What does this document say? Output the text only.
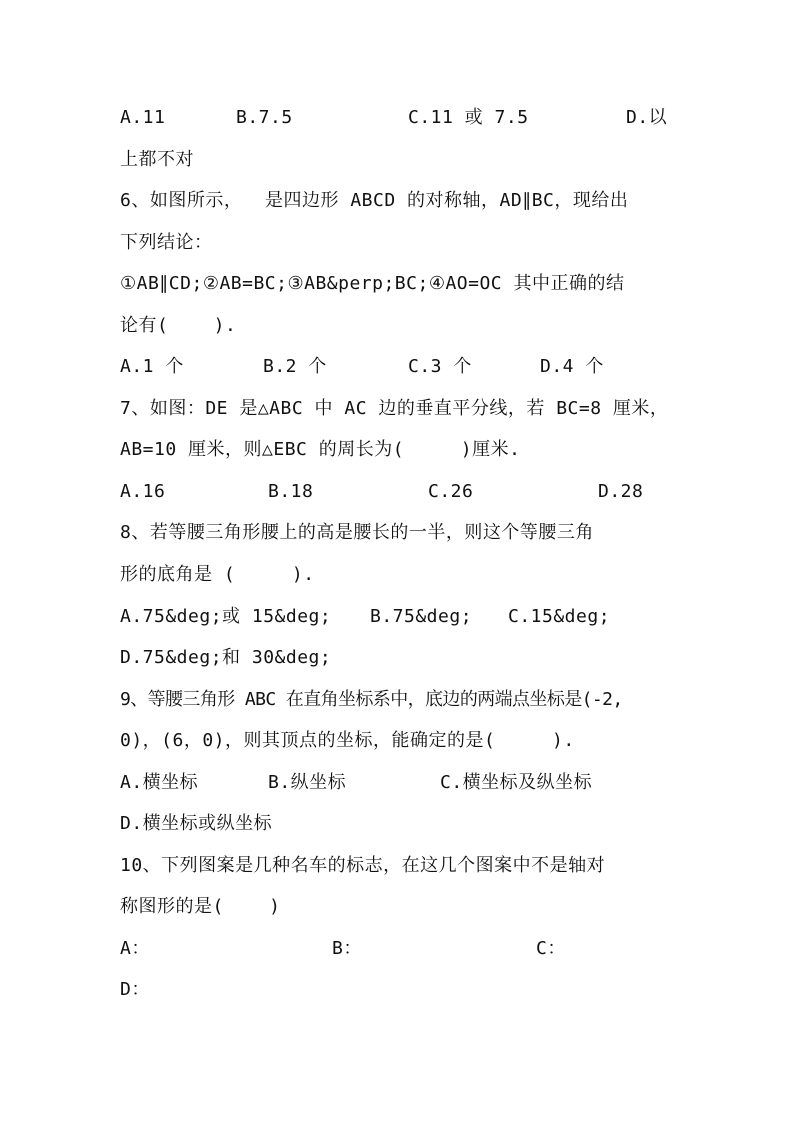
A.11	B.7.5	C.11 或 7.5	D.以
上都不对
6、如图所示，  是四边形 ABCD 的对称轴，AD∥BC，现给出
下列结论：
①AB∥CD;②AB=BC;③AB&perp;BC;④AO=OC 其中正确的结
论有(    ).
A.1 个	B.2 个	C.3 个	D.4 个
7、如图：DE 是△ABC 中 AC 边的垂直平分线，若 BC=8 厘米，
AB=10 厘米，则△EBC 的周长为(     )厘米.
A.16	B.18	C.26	D.28
8、若等腰三角形腰上的高是腰长的一半，则这个等腰三角
形的底角是 (     ).
A.75&deg;或 15&deg; B.75&deg; C.15&deg;
D.75&deg;和 30&deg;
9、等腰三角形 ABC 在直角坐标系中，底边的两端点坐标是(-2,
0)，(6，0)，则其顶点的坐标，能确定的是(     ).
A.横坐标	B.纵坐标	C.横坐标及纵坐标
D.横坐标或纵坐标
10、下列图案是几种名车的标志，在这几个图案中不是轴对
称图形的是(    )
A：	B：	C：
D：
